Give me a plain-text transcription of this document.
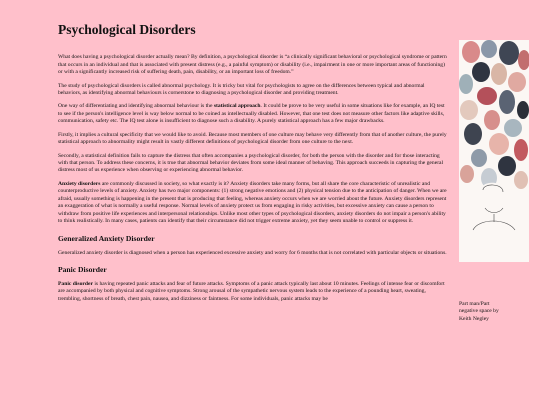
Psychological Disorders

What does having a psychological disorder actually mean? By definition, a psychological disorder is “a clinically significant behavioral or psychological syndrome or pattern that occurs in an individual and that is associated with present distress (e.g., a painful symptom) or disability (i.e., impairment in one or more important areas of functioning) or with a significantly increased risk of suffering death, pain, disability, or an important loss of freedom.”

The study of psychological disorders is called abnormal psychology. It is tricky but vital for psychologists to agree on the differences between typical and abnormal behaviors, as identifying abnormal behaviours is cornerstone to diagnosing a psychological disorder and providing treatment.

One way of differentiating and identifying abnormal behaviour is the statistical approach. It could be prove to be very useful in some situations like for example, an IQ test to see if the person's intelligence level is way below normal to be coined as intellectually disabled. However, that one test does not measure other factors like adaptive skills, communication, safety etc. The IQ test alone is insufficient to diagnose such a disability. A purely statistical approach has a few major drawbacks.

Firstly, it implies a cultural specificity that we would like to avoid. Because most members of one culture may behave very differently from that of another culture, the purely statistical approach to abnormality might result in vastly different definitions of psychological disorder from one culture to the next.

Secondly, a statistical definition fails to capture the distress that often accompanies a psychological disorder, for both the person with the disorder and for those interacting with that person. To address these concerns, it is true that abnormal behavior deviates from some ideal manner of behaving. This approach succeeds in capturing the general distress most of us experience when observing or experiencing abnormal behavior.

Anxiety disorders are commonly discussed in society, so what exactly is it? Anxiety disorders take many forms, but all share the core characteristic of unrealistic and counterproductive levels of anxiety. Anxiety has two major components: (1) strong negative emotions and (2) physical tension due to the anticipation of danger. When we are afraid, usually something is happening in the present that is producing that feeling, whereas anxiety occurs when we are worried about the future. Anxiety disorders represent an exaggeration of what is normally a useful response. Normal levels of anxiety protect us from engaging in risky activities, but excessive anxiety can cause a person to withdraw from positive life experiences and interpersonal relationships. Unlike most other types of psychological disorders, anxiety disorders do not impair a person's ability to think realistically. In many cases, patients can identify that their circumstance did not trigger extreme anxiety, yet they seem unable to control or suppress it.

Generalized Anxiety Disorder

Generalized anxiety disorder is diagnosed when a person has experienced excessive anxiety and worry for 6 months that is not correlated with particular objects or situations.

Panic Disorder

Panic disorder is having repeated panic attacks and fear of future attacks. Symptoms of a panic attack typically last about 10 minutes. Feelings of intense fear or discomfort are accompanied by both physical and cognitive symptoms. Strong arousal of the sympathetic nervous system leads to the experience of a pounding heart, sweating, trembling, shortness of breath, chest pain, nausea, and dizziness or faintness. For some individuals, panic attacks may be

Part man/Part negative space by Keith Negley
